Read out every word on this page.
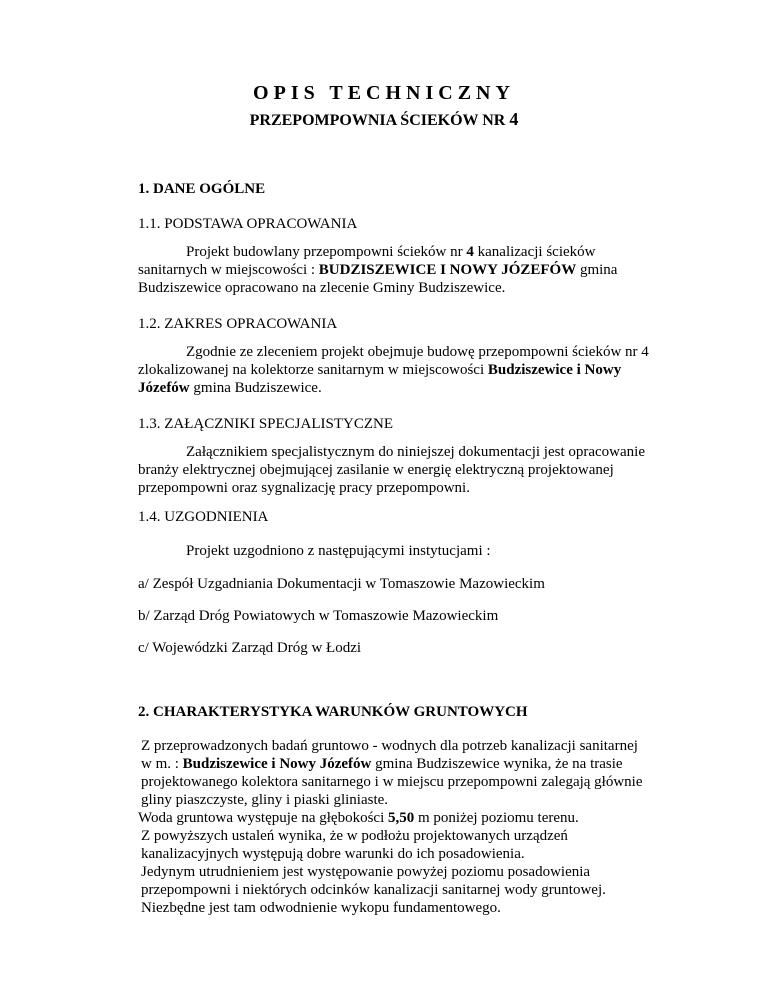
OPIS TECHNICZNY
PRZEPOMPOWNIA ŚCIEKÓW NR 4
1. DANE OGÓLNE
1.1. PODSTAWA OPRACOWANIA
Projekt budowlany przepompowni ścieków nr 4 kanalizacji ścieków
sanitarnych w miejscowości : BUDZISZEWICE I NOWY JÓZEFÓW gmina
Budziszewice opracowano na zlecenie Gminy Budziszewice.
1.2. ZAKRES OPRACOWANIA
Zgodnie ze zleceniem projekt obejmuje budowę przepompowni ścieków nr 4
zlokalizowanej na kolektorze sanitarnym w miejscowości Budziszewice i Nowy
Józefów gmina Budziszewice.
1.3. ZAŁĄCZNIKI SPECJALISTYCZNE
Załącznikiem specjalistycznym do niniejszej dokumentacji jest opracowanie
branży elektrycznej obejmującej zasilanie w energię elektryczną projektowanej
przepompowni oraz sygnalizację pracy przepompowni.
1.4. UZGODNIENIA
Projekt uzgodniono z następującymi instytucjami :
a/ Zespół Uzgadniania Dokumentacji w Tomaszowie Mazowieckim
b/ Zarząd Dróg Powiatowych w Tomaszowie Mazowieckim
c/ Wojewódzki Zarząd Dróg w Łodzi
2. CHARAKTERYSTYKA WARUNKÓW GRUNTOWYCH
Z przeprowadzonych badań gruntowo - wodnych dla potrzeb kanalizacji sanitarnej
w m. : Budziszewice i Nowy Józefów gmina Budziszewice wynika, że na trasie
projektowanego kolektora sanitarnego i w miejscu przepompowni zalegają głównie
gliny piaszczyste, gliny i piaski gliniaste.
Woda gruntowa występuje na głębokości 5,50 m poniżej poziomu terenu.
Z powyższych ustaleń wynika, że w podłożu projektowanych urządzeń
kanalizacyjnych występują dobre warunki do ich posadowienia.
Jedynym utrudnieniem jest występowanie powyżej poziomu posadowienia
przepompowni i niektórych odcinków kanalizacji sanitarnej wody gruntowej.
Niezbędne jest tam odwodnienie wykopu fundamentowego.
